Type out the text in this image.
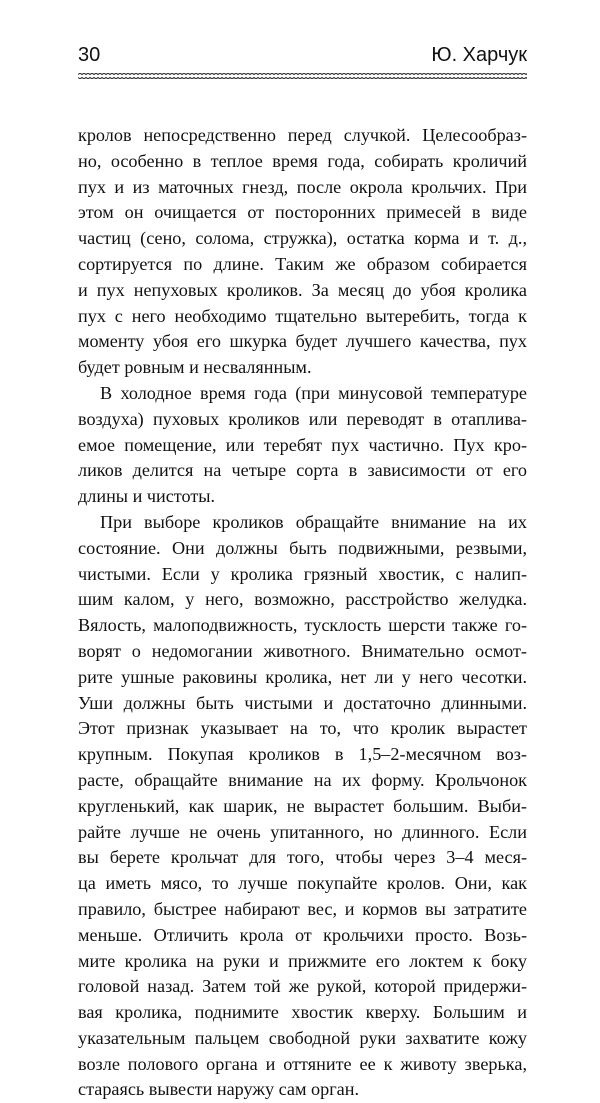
30	Ю. Харчук
кролов непосредственно перед случкой. Целесообраз-
но, особенно в теплое время года, собирать кроличий
пух и из маточных гнезд, после окрола крольчих. При
этом он очищается от посторонних примесей в виде
частиц (сено, солома, стружка), остатка корма и т. д.,
сортируется по длине. Таким же образом собирается
и пух непуховых кроликов. За месяц до убоя кролика
пух с него необходимо тщательно вытеребить, тогда к
моменту убоя его шкурка будет лучшего качества, пух
будет ровным и несвалянным.
В холодное время года (при минусовой температуре
воздуха) пуховых кроликов или переводят в отаплива-
емое помещение, или теребят пух частично. Пух кро-
ликов делится на четыре сорта в зависимости от его
длины и чистоты.
При выборе кроликов обращайте внимание на их
состояние. Они должны быть подвижными, резвыми,
чистыми. Если у кролика грязный хвостик, с налип-
шим калом, у него, возможно, расстройство желудка.
Вялость, малоподвижность, тусклость шерсти также го-
ворят о недомогании животного. Внимательно осмот-
рите ушные раковины кролика, нет ли у него чесотки.
Уши должны быть чистыми и достаточно длинными.
Этот признак указывает на то, что кролик вырастет
крупным. Покупая кроликов в 1,5–2-месячном воз-
расте, обращайте внимание на их форму. Крольчонок
кругленький, как шарик, не вырастет большим. Выби-
райте лучше не очень упитанного, но длинного. Если
вы берете крольчат для того, чтобы через 3–4 меся-
ца иметь мясо, то лучше покупайте кролов. Они, как
правило, быстрее набирают вес, и кормов вы затратите
меньше. Отличить крола от крольчихи просто. Возь-
мите кролика на руки и прижмите его локтем к боку
головой назад. Затем той же рукой, которой придержи-
вая кролика, поднимите хвостик кверху. Большим и
указательным пальцем свободной руки захватите кожу
возле полового органа и оттяните ее к животу зверька,
стараясь вывести наружу сам орган.
